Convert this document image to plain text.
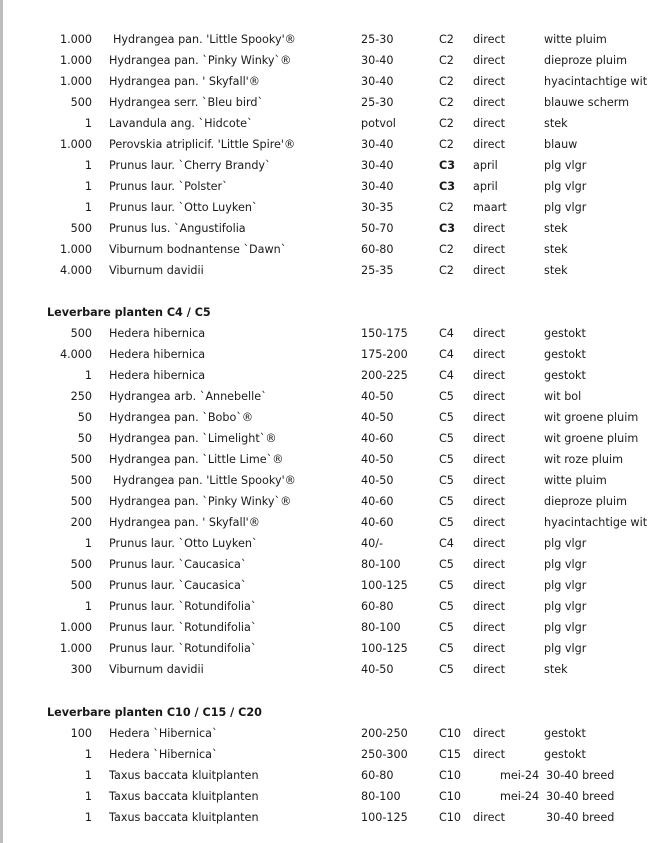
1.000 Hydrangea pan. 'Little Spooky'®	25-30	C2 direct	witte pluim
1.000 Hydrangea pan. `Pinky Winky`®	30-40	C2 direct	dieproze pluim
1.000 Hydrangea pan. ' Skyfall'®	30-40	C2 direct	hyacintachtige wit
500 Hydrangea serr. `Bleu bird`	25-30	C2 direct	blauwe scherm
1 Lavandula ang. `Hidcote`	potvol	C2 direct	stek
1.000 Perovskia atriplicif. 'Little Spire'®	30-40	C2 direct	blauw
1 Prunus laur. `Cherry Brandy`	30-40	C3 april	plg vlgr
1 Prunus laur. `Polster`	30-40	C3 april	plg vlgr
1 Prunus laur. `Otto Luyken`	30-35	C2 maart	plg vlgr
500 Prunus lus. `Angustifolia	50-70	C3 direct	stek
1.000 Viburnum bodnantense `Dawn`	60-80	C2 direct	stek
4.000 Viburnum davidii	25-35	C2 direct	stek
Leverbare planten C4 / C5
500 Hedera hibernica	150-175	C4 direct	gestokt
4.000 Hedera hibernica	175-200	C4 direct	gestokt
1 Hedera hibernica	200-225	C4 direct	gestokt
250 Hydrangea arb. `Annebelle`	40-50	C5 direct	wit bol
50 Hydrangea pan. `Bobo`®	40-50	C5 direct	wit groene pluim
50 Hydrangea pan. `Limelight`®	40-60	C5 direct	wit groene pluim
500 Hydrangea pan. `Little Lime`®	40-50	C5 direct	wit roze pluim
500 Hydrangea pan. 'Little Spooky'®	40-50	C5 direct	witte pluim
500 Hydrangea pan. `Pinky Winky`®	40-60	C5 direct	dieproze pluim
200 Hydrangea pan. ' Skyfall'®	40-60	C5 direct	hyacintachtige wit
1 Prunus laur. `Otto Luyken`	40/-	C4 direct	plg vlgr
500 Prunus laur. `Caucasica`	80-100	C5 direct	plg vlgr
500 Prunus laur. `Caucasica`	100-125	C5 direct	plg vlgr
1 Prunus laur. `Rotundifolia`	60-80	C5 direct	plg vlgr
1.000 Prunus laur. `Rotundifolia`	80-100	C5 direct	plg vlgr
1.000 Prunus laur. `Rotundifolia`	100-125	C5 direct	plg vlgr
300 Viburnum davidii	40-50	C5 direct	stek
Leverbare planten C10 / C15 / C20
100 Hedera `Hibernica`	200-250	C10 direct	gestokt
1 Hedera `Hibernica`	250-300	C15 direct	gestokt
1 Taxus baccata kluitplanten	60-80	C10	mei-24 30-40 breed
1 Taxus baccata kluitplanten	80-100	C10	mei-24 30-40 breed
1 Taxus baccata kluitplanten	100-125	C10 direct	30-40 breed
